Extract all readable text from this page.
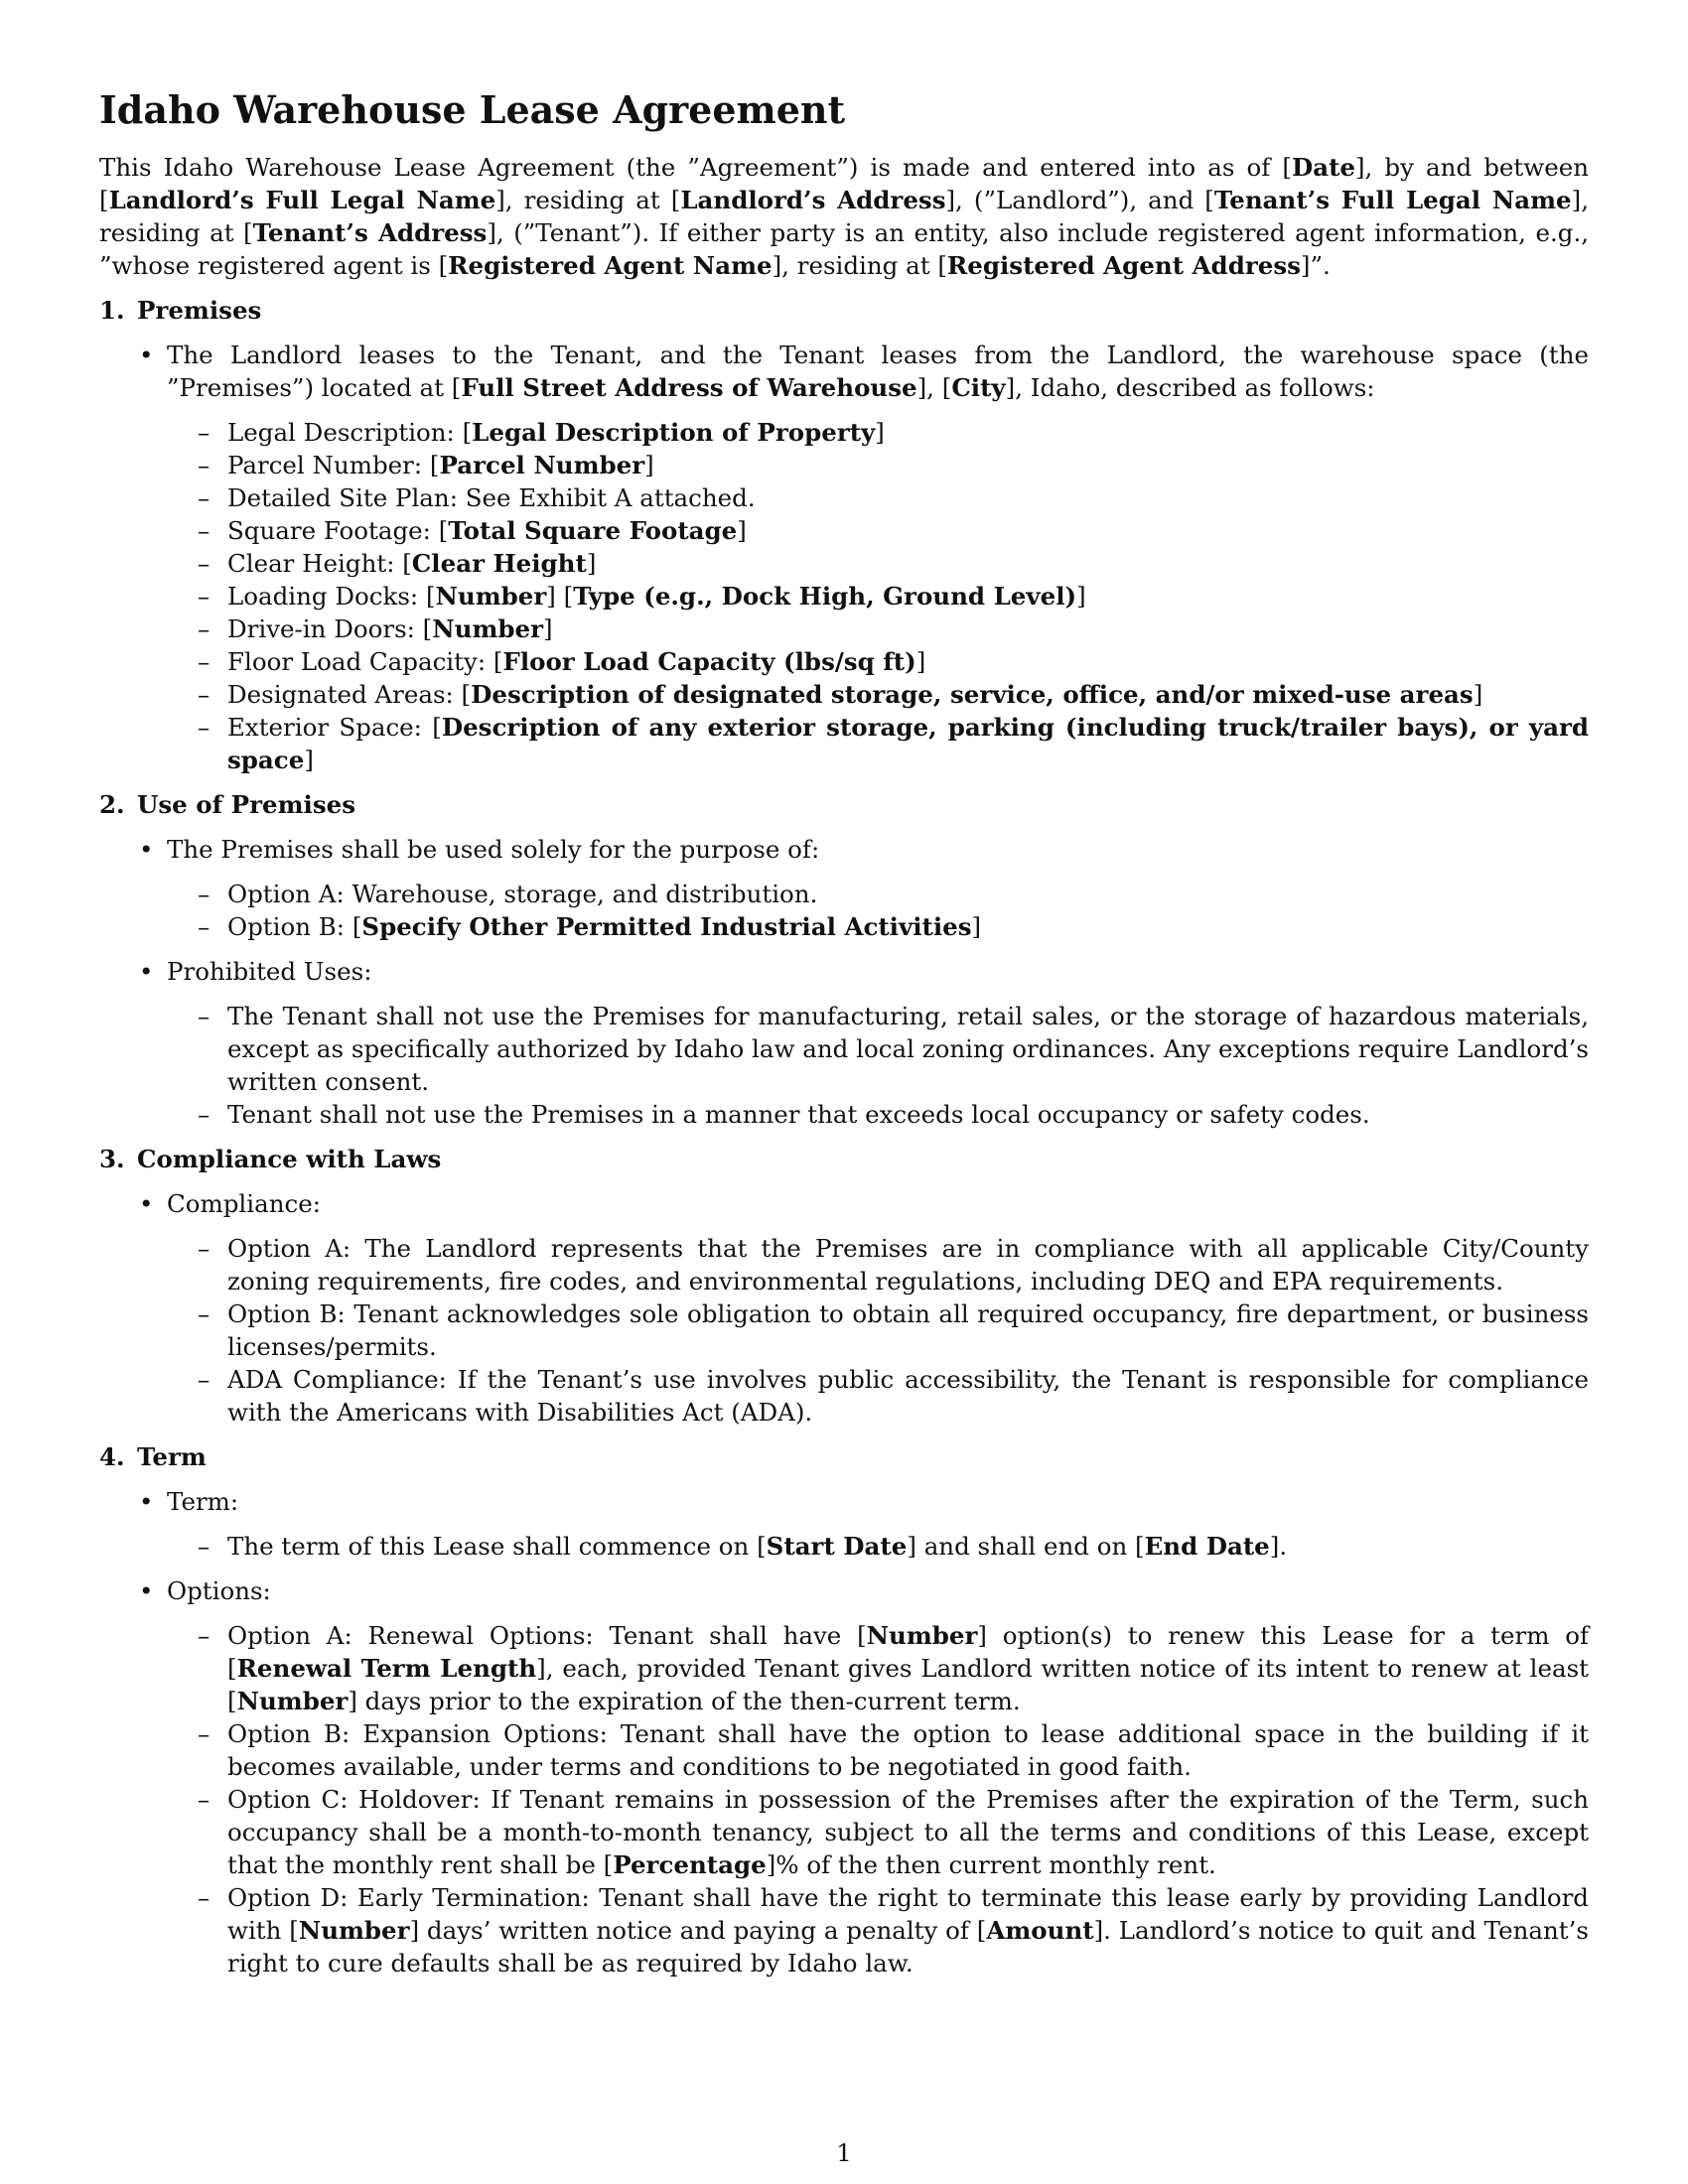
Idaho Warehouse Lease Agreement

This Idaho Warehouse Lease Agreement (the ”Agreement”) is made and entered into as of [Date], by and between [Landlord’s Full Legal Name], residing at [Landlord’s Address], (”Landlord”), and [Tenant’s Full Legal Name], residing at [Tenant’s Address], (”Tenant”). If either party is an entity, also include registered agent information, e.g., ”whose registered agent is [Registered Agent Name], residing at [Registered Agent Address]”.

1. Premises
• The Landlord leases to the Tenant, and the Tenant leases from the Landlord, the warehouse space (the ”Premises”) located at [Full Street Address of Warehouse], [City], Idaho, described as follows:
– Legal Description: [Legal Description of Property]
– Parcel Number: [Parcel Number]
– Detailed Site Plan: See Exhibit A attached.
– Square Footage: [Total Square Footage]
– Clear Height: [Clear Height]
– Loading Docks: [Number] [Type (e.g., Dock High, Ground Level)]
– Drive-in Doors: [Number]
– Floor Load Capacity: [Floor Load Capacity (lbs/sq ft)]
– Designated Areas: [Description of designated storage, service, office, and/or mixed-use areas]
– Exterior Space: [Description of any exterior storage, parking (including truck/trailer bays), or yard space]
2. Use of Premises
• The Premises shall be used solely for the purpose of:
– Option A: Warehouse, storage, and distribution.
– Option B: [Specify Other Permitted Industrial Activities]
• Prohibited Uses:
– The Tenant shall not use the Premises for manufacturing, retail sales, or the storage of hazardous materials, except as specifically authorized by Idaho law and local zoning ordinances. Any exceptions require Landlord’s written consent.
– Tenant shall not use the Premises in a manner that exceeds local occupancy or safety codes.
3. Compliance with Laws
• Compliance:
– Option A: The Landlord represents that the Premises are in compliance with all applicable City/County zoning requirements, fire codes, and environmental regulations, including DEQ and EPA requirements.
– Option B: Tenant acknowledges sole obligation to obtain all required occupancy, fire department, or business licenses/permits.
– ADA Compliance: If the Tenant’s use involves public accessibility, the Tenant is responsible for compliance with the Americans with Disabilities Act (ADA).
4. Term
• Term:
– The term of this Lease shall commence on [Start Date] and shall end on [End Date].
• Options:
– Option A: Renewal Options: Tenant shall have [Number] option(s) to renew this Lease for a term of [Renewal Term Length], each, provided Tenant gives Landlord written notice of its intent to renew at least [Number] days prior to the expiration of the then-current term.
– Option B: Expansion Options: Tenant shall have the option to lease additional space in the building if it becomes available, under terms and conditions to be negotiated in good faith.
– Option C: Holdover: If Tenant remains in possession of the Premises after the expiration of the Term, such occupancy shall be a month-to-month tenancy, subject to all the terms and conditions of this Lease, except that the monthly rent shall be [Percentage]% of the then current monthly rent.
– Option D: Early Termination: Tenant shall have the right to terminate this lease early by providing Landlord with [Number] days’ written notice and paying a penalty of [Amount]. Landlord’s notice to quit and Tenant’s right to cure defaults shall be as required by Idaho law.
1
